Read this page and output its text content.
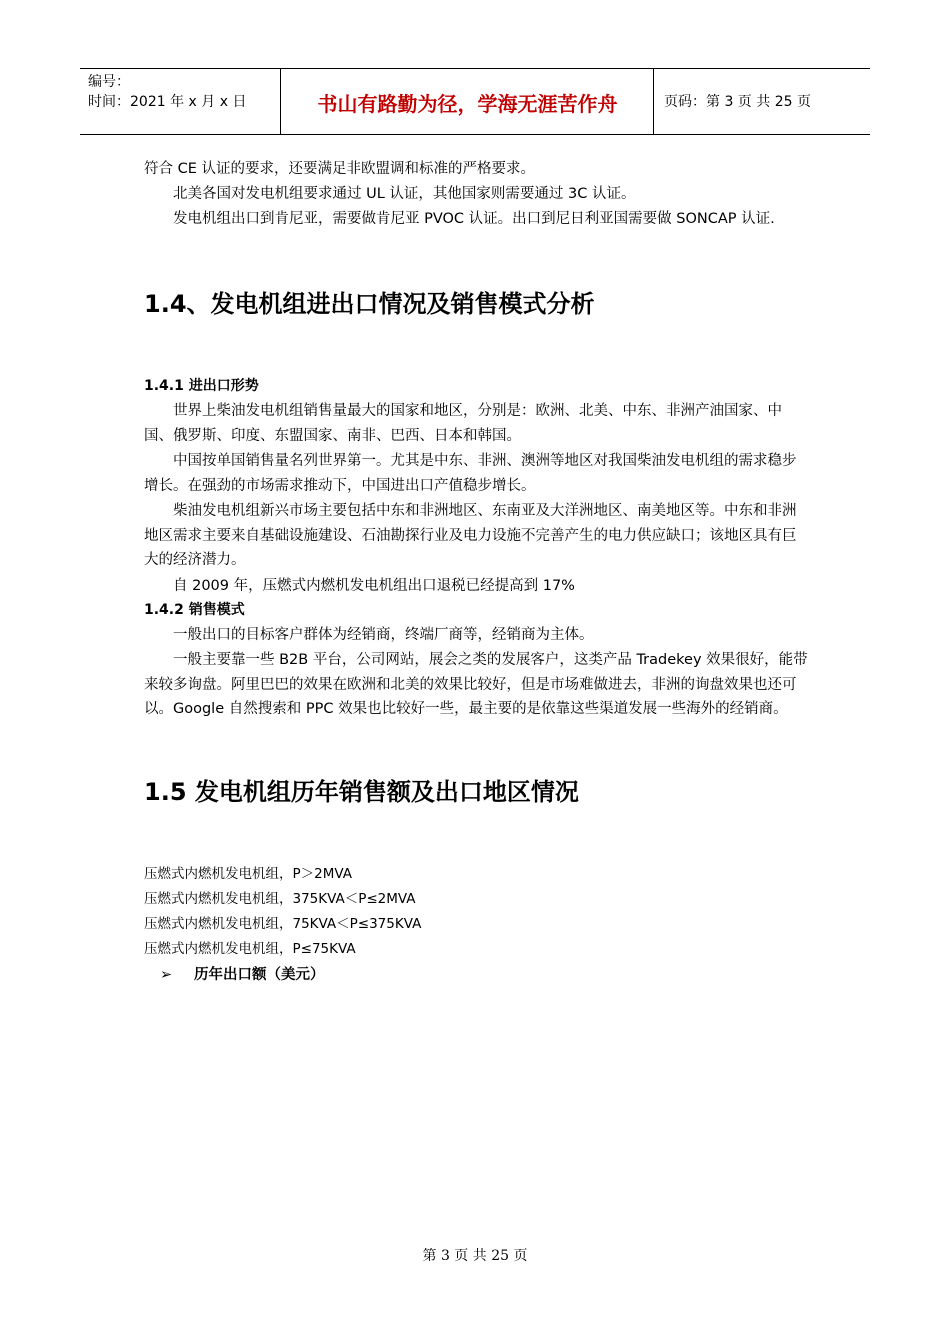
编号：
时间：2021 年 x 月 x 日	书山有路勤为径，学海无涯苦作舟	页码：第 3 页 共 25 页

符合 CE 认证的要求，还要满足非欧盟调和标准的严格要求。

北美各国对发电机组要求通过 UL 认证，其他国家则需要通过 3C 认证。

发电机组出口到肯尼亚，需要做肯尼亚 PVOC 认证。出口到尼日利亚国需要做 SONCAP 认证.

1.4、发电机组进出口情况及销售模式分析
1.4.1 进出口形势

世界上柴油发电机组销售量最大的国家和地区，分别是：欧洲、北美、中东、非洲产油国家、中国、俄罗斯、印度、东盟国家、南非、巴西、日本和韩国。

中国按单国销售量名列世界第一。尤其是中东、非洲、澳洲等地区对我国柴油发电机组的需求稳步增长。在强劲的市场需求推动下，中国进出口产值稳步增长。

柴油发电机组新兴市场主要包括中东和非洲地区、东南亚及大洋洲地区、南美地区等。中东和非洲地区需求主要来自基础设施建设、石油勘探行业及电力设施不完善产生的电力供应缺口；该地区具有巨大的经济潜力。

自 2009 年，压燃式内燃机发电机组出口退税已经提高到 17%

1.4.2 销售模式

一般出口的目标客户群体为经销商，终端厂商等，经销商为主体。

一般主要靠一些 B2B 平台，公司网站，展会之类的发展客户，这类产品 Tradekey 效果很好，能带来较多询盘。阿里巴巴的效果在欧洲和北美的效果比较好，但是市场难做进去，非洲的询盘效果也还可以。Google 自然搜索和 PPC 效果也比较好一些，最主要的是依靠这些渠道发展一些海外的经销商。

1.5 发电机组历年销售额及出口地区情况

压燃式内燃机发电机组，P＞2MVA

压燃式内燃机发电机组，375KVA＜P≤2MVA

压燃式内燃机发电机组，75KVA＜P≤375KVA

压燃式内燃机发电机组，P≤75KVA

➢ 历年出口额（美元）
第 3 页 共 25 页
